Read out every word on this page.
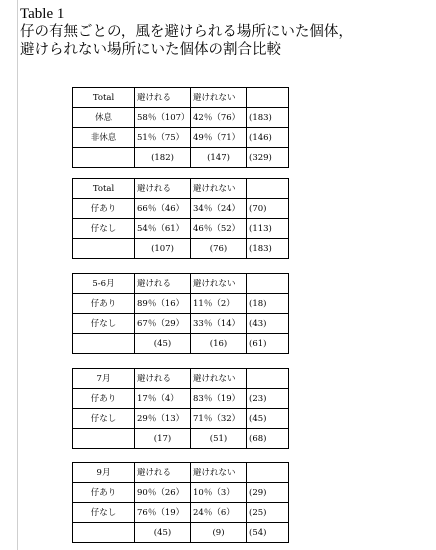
Table 1

仔の有無ごとの，風を避けられる場所にいた個体，

避けられない場所にいた個体の割合比較

Total	避けれる	避けれない	
休息	58％（107）	42％（76）	(183)
非休息	51％（75）	49％（71）	(146)
	(182)	(147)	(329)
Total	避けれる	避けれない	
仔あり	66％（46）	34％（24）	(70)
仔なし	54％（61）	46％（52）	(113)
	(107)	(76)	(183)
5-6月	避けれる	避けれない	
仔あり	89％（16）	11％（2）	(18)
仔なし	67％（29）	33％（14）	(43)
	(45)	(16)	(61)
7月	避けれる	避けれない	
仔あり	17％（4）	83％（19）	(23)
仔なし	29％（13）	71％（32）	(45)
	(17)	(51)	(68)
9月	避けれる	避けれない	
仔あり	90％（26）	10％（3）	(29)
仔なし	76％（19）	24％（6）	(25)
	(45)	(9)	(54)
